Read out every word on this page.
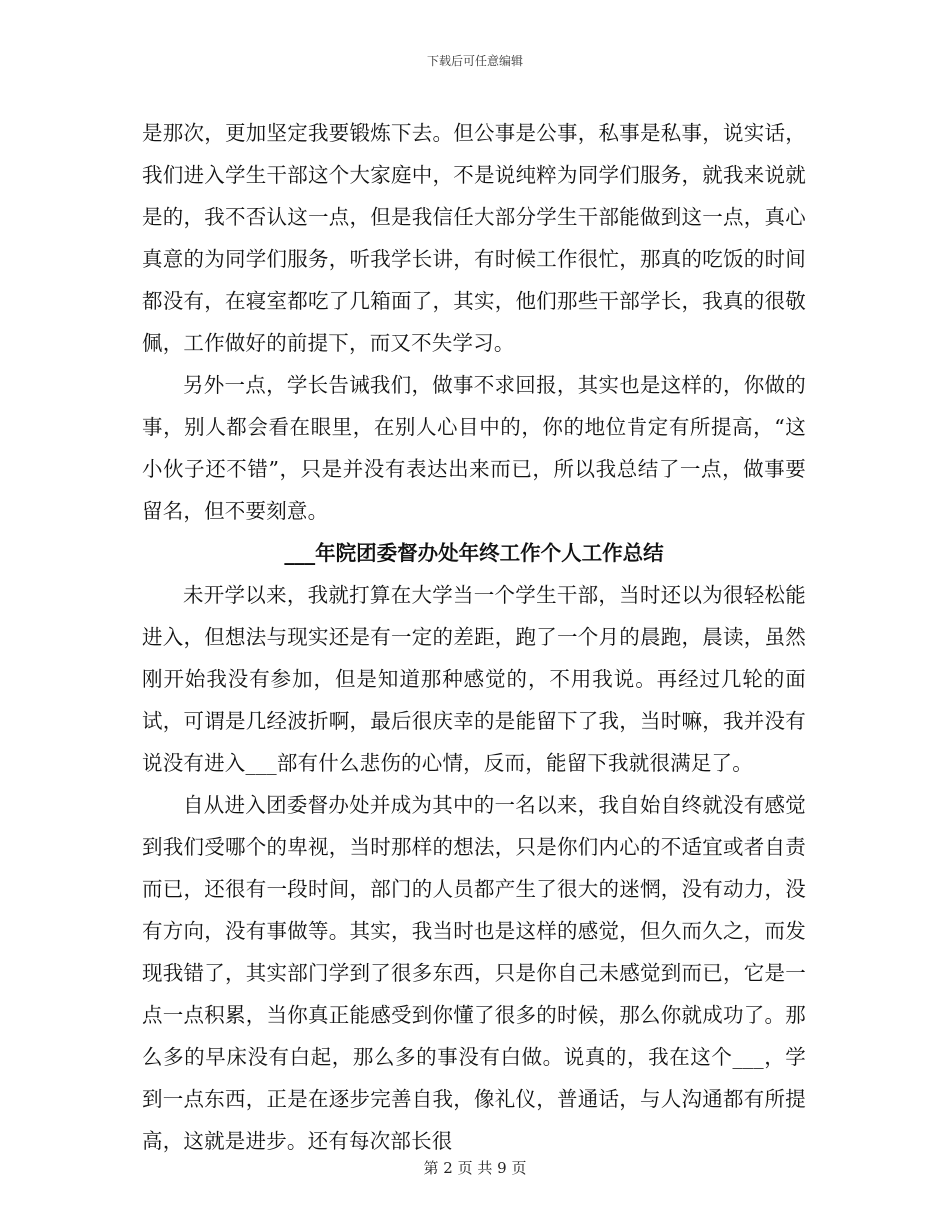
下载后可任意编辑

是那次，更加坚定我要锻炼下去。但公事是公事，私事是私事，说实话，我们进入学生干部这个大家庭中，不是说纯粹为同学们服务，就我来说就是的，我不否认这一点，但是我信任大部分学生干部能做到这一点，真心真意的为同学们服务，听我学长讲，有时候工作很忙，那真的吃饭的时间都没有，在寝室都吃了几箱面了，其实，他们那些干部学长，我真的很敬佩，工作做好的前提下，而又不失学习。

另外一点，学长告诫我们，做事不求回报，其实也是这样的，你做的事，别人都会看在眼里，在别人心目中的，你的地位肯定有所提高，“这小伙子还不错”，只是并没有表达出来而已，所以我总结了一点，做事要留名，但不要刻意。

___年院团委督办处年终工作个人工作总结

未开学以来，我就打算在大学当一个学生干部，当时还以为很轻松能进入，但想法与现实还是有一定的差距，跑了一个月的晨跑，晨读，虽然刚开始我没有参加，但是知道那种感觉的，不用我说。再经过几轮的面试，可谓是几经波折啊，最后很庆幸的是能留下了我，当时嘛，我并没有说没有进入___部有什么悲伤的心情，反而，能留下我就很满足了。

自从进入团委督办处并成为其中的一名以来，我自始自终就没有感觉到我们受哪个的卑视，当时那样的想法，只是你们内心的不适宜或者自责而已，还很有一段时间，部门的人员都产生了很大的迷惘，没有动力，没有方向，没有事做等。其实，我当时也是这样的感觉，但久而久之，而发现我错了，其实部门学到了很多东西，只是你自己未感觉到而已，它是一点一点积累，当你真正能感受到你懂了很多的时候，那么你就成功了。那么多的早床没有白起，那么多的事没有白做。说真的，我在这个___，学到一点东西，正是在逐步完善自我，像礼仪，普通话，与人沟通都有所提高，这就是进步。还有每次部长很

第 2 页 共 9 页
